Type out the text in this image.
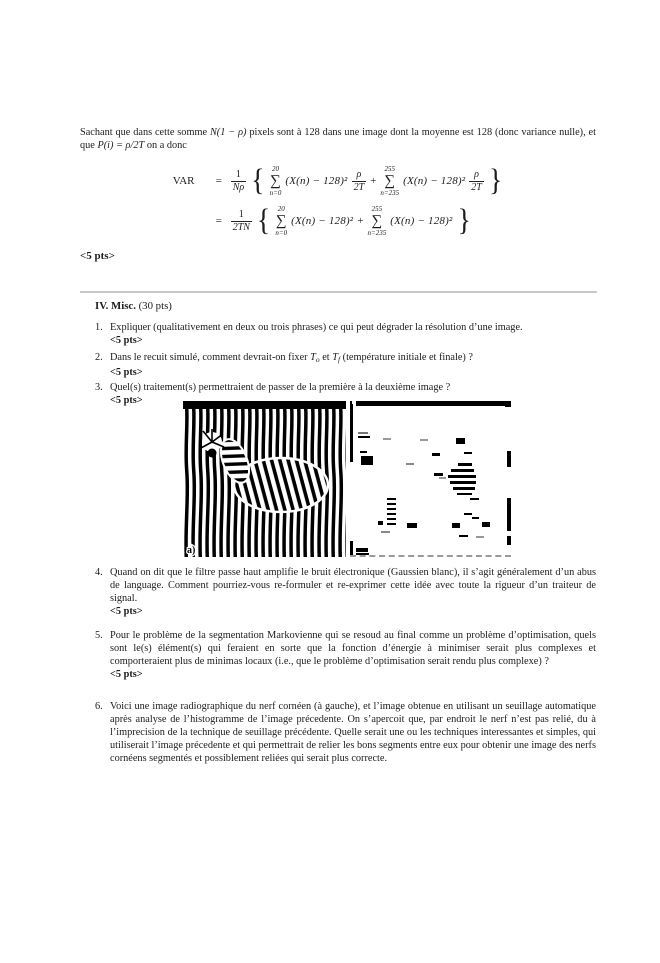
Sachant que dans cette somme N(1 − ρ) pixels sont à 128 dans une image dont la moyenne est 128 (donc variance nulle), et que P(i) = ρ/2T on a donc
VAR	= $\frac{1}{N\rho}$ { 20
∑
n=0
$(X(n) - 128)^2 \frac{\rho}{2T}$ +
255
∑
n=235
$(X(n) - 128)^2 \frac{\rho}{2T}$ }
= $\frac{1}{2TN}$ { 20
∑
n=0
(X(n) − 128)² +
255
∑
n=235
(X(n) − 128)² }
<5 pts>
IV. Misc. (30 pts)
1. Expliquer (qualitativement en deux ou trois phrases) ce qui peut dégrader la résolution d’une image.

<5 pts>
2. Dans le recuit simulé, comment devrait-on fixer $T_o$ et $T_f$ (température initiale et finale) ?

<5 pts>
3. Quel(s) traitement(s) permettraient de passer de la première à la deuxième image ?

<5 pts>
a)
4. Quand on dit que le filtre passe haut amplifie le bruit électronique (Gaussien blanc), il s’agit généralement d’un abus de language. Comment pourriez-vous re-formuler et re-exprimer cette idée avec toute la rigueur d’un traiteur de signal.

<5 pts>
5. Pour le problème de la segmentation Markovienne qui se resoud au final comme un problème d’optimisation, quels sont le(s) élément(s) qui feraient en sorte que la fonction d’énergie à minimiser serait plus complexes et comporteraient plus de minimas locaux (i.e., que le problème d’optimisation serait rendu plus complexe) ?

<5 pts>
6. Voici une image radiographique du nerf cornéen (à gauche), et l’image obtenue en utilisant un seuillage automatique après analyse de l’histogramme de l’image précedente. On s’apercoit que, par endroit le nerf n’est pas relié, du à l’imprecision de la technique de seuillage précédente. Quelle serait une ou les techniques interessantes et simples, qui utiliserait l’image précedente et qui permettrait de relier les bons segments entre eux pour obtenir une image des nerfs cornéens segmentés et possiblement reliées qui serait plus correcte.
